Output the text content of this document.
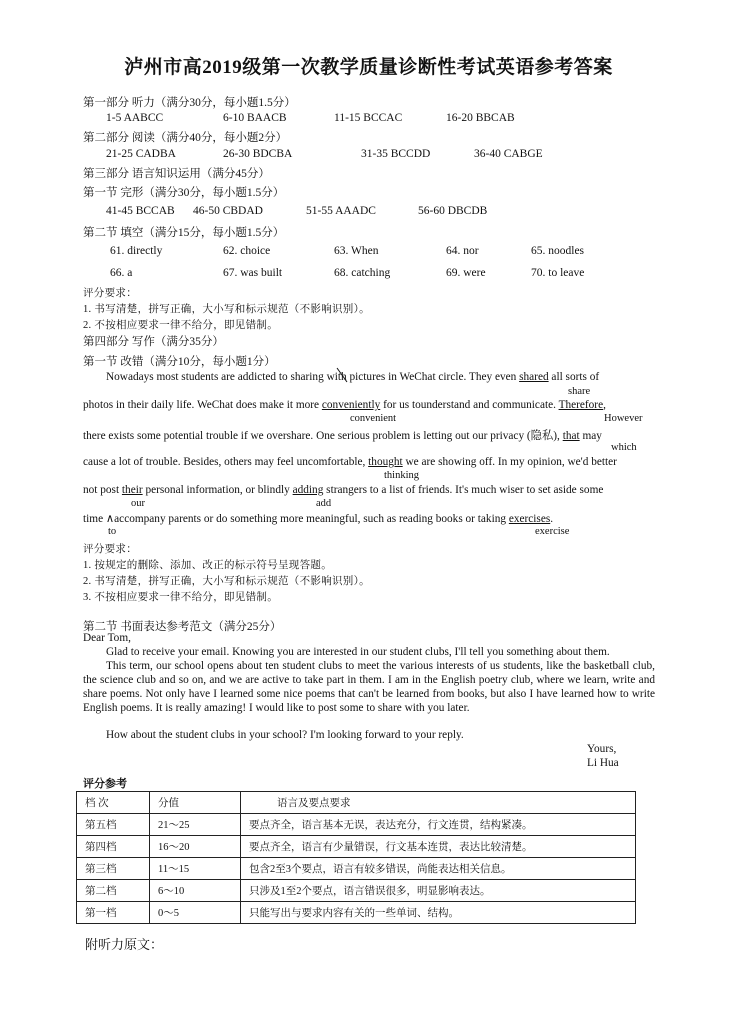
泸州市高2019级第一次教学质量诊断性考试英语参考答案
第一部分 听力（满分30分，每小题1.5分）
1-5 AABCC	6-10 BAACB	11-15 BCCAC	16-20 BBCAB
第二部分 阅读（满分40分，每小题2分）
21-25 CADBA	26-30 BDCBA	31-35 BCCDD	36-40 CABGE
第三部分 语言知识运用（满分45分）
第一节 完形（满分30分，每小题1.5分）
41-45 BCCAB 46-50 CBDAD	51-55 AAADC	56-60 DBCDB
第二节 填空（满分15分，每小题1.5分）
61. directly	62. choice	63. When	64. nor	65. noodles
66. a	67. was built	68. catching	69. were	70. to leave
评分要求：
1. 书写清楚，拼写正确，大小写和标示规范（不影响识别）。
2. 不按相应要求一律不给分，即见错制。
第四部分 写作（满分35分）
第一节 改错（满分10分，每小题1分）
Nowadays most students are addicted to sharing with
pictures in WeChat circle. They even shared all sorts of
share
photos in their daily life. WeChat does make it more conveniently for us tounderstand and communicate. Therefore,
convenient	However
there exists some potential trouble if we overshare. One serious problem is letting out our privacy (隐私), that may
which
cause a lot of trouble. Besides, others may feel uncomfortable, thought we are showing off. In my opinion, we'd better
thinking
not post their personal information, or blindly adding strangers to a list of friends. It's much wiser to set aside some
our	add
time ∧accompany parents or do something more meaningful, such as reading books or taking exercises.
to	exercise
评分要求：
1. 按规定的删除、添加、改正的标示符号呈现答题。
2. 书写清楚，拼写正确，大小写和标示规范（不影响识别）。
3. 不按相应要求一律不给分，即见错制。
第二节 书面表达参考范文（满分25分）
Dear Tom,
Glad to receive your email. Knowing you are interested in our student clubs, I'll tell you something about them.
This term, our school opens about ten student clubs to meet the various interests of us students, like the basketball club, the science club and so on, and we are active to take part in them. I am in the English poetry club, where we learn, write and share poems. Not only have I learned some nice poems that can't be learned from books, but also I have learned how to write English poems. It is really amazing! I would like to post some to share with you later.
How about the student clubs in your school? I'm looking forward to your reply.
Yours,
Li Hua
评分参考
档 次	分值	语言及要点要求
第五档	21～25	要点齐全，语言基本无误，表达充分，行文连贯，结构紧凑。
第四档	16～20	要点齐全，语言有少量错误，行文基本连贯，表达比较清楚。
第三档	11～15	包含2至3个要点，语言有较多错误，尚能表达相关信息。
第二档	6～10	只涉及1至2个要点，语言错误很多，明显影响表达。
第一档	0～5	只能写出与要求内容有关的一些单词、结构。
附听力原文：
